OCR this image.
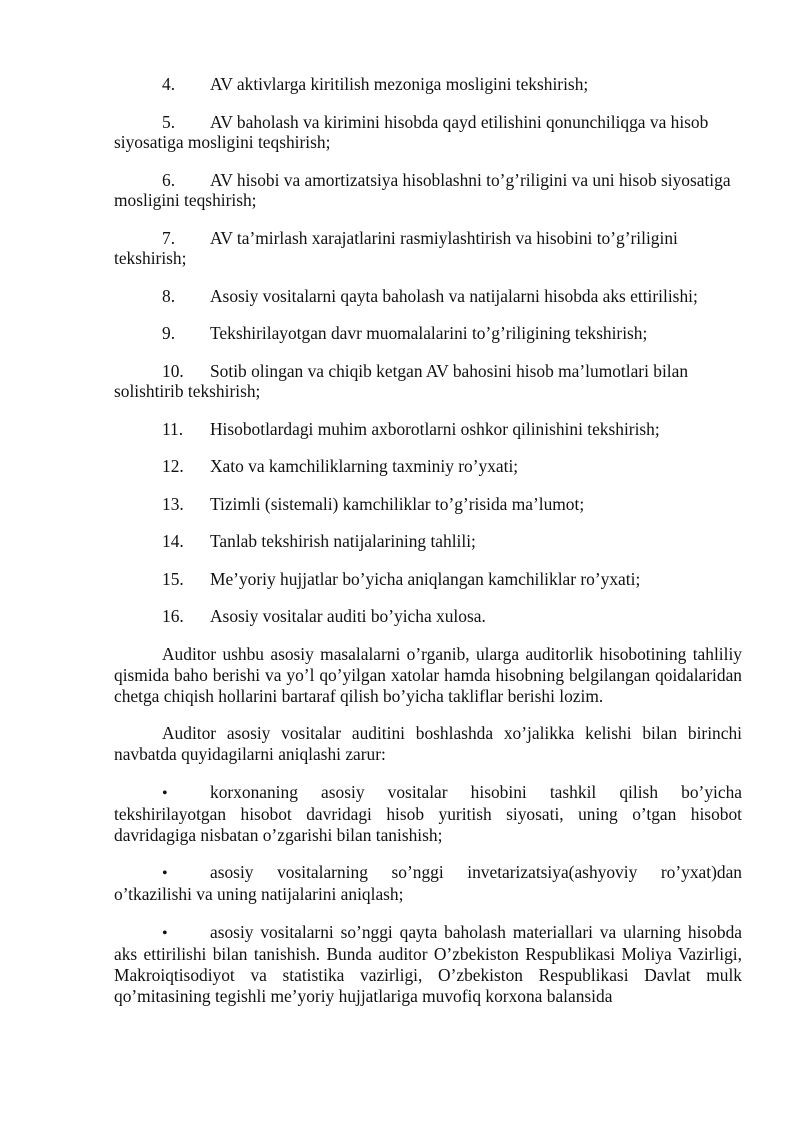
4. AV aktivlarga kiritilish mezoniga mosligini tekshirish;
5. AV baholash va kirimini hisobda qayd etilishini qonunchiliqga va hisob siyosatiga mosligini teqshirish;
6. AV hisobi va amortizatsiya hisoblashni to’g’riligini va uni hisob siyosatiga mosligini teqshirish;
7. AV ta’mirlash xarajatlarini rasmiylashtirish va hisobini to’g’riligini tekshirish;
8. Asosiy vositalarni qayta baholash va natijalarni hisobda aks ettirilishi;
9. Tekshirilayotgan davr muomalalarini to’g’riligining tekshirish;
10. Sotib olingan va chiqib ketgan AV bahosini hisob ma’lumotlari bilan solishtirib tekshirish;
11. Hisobotlardagi muhim axborotlarni oshkor qilinishini tekshirish;
12. Xato va kamchiliklarning taxminiy ro’yxati;
13. Tizimli (sistemali) kamchiliklar to’g’risida ma’lumot;
14. Tanlab tekshirish natijalarining tahlili;
15. Me’yoriy hujjatlar bo’yicha aniqlangan kamchiliklar ro’yxati;
16. Asosiy vositalar auditi bo’yicha xulosa.

Auditor ushbu asosiy masalalarni o’rganib, ularga auditorlik hisobotining tahliliy qismida baho berishi va yo’l qo’yilgan xatolar hamda hisobning belgilangan qoidalaridan chetga chiqish hollarini bartaraf qilish bo’yicha takliflar berishi lozim.

Auditor asosiy vositalar auditini boshlashda xo’jalikka kelishi bilan birinchi navbatda quyidagilarni aniqlashi zarur:

• korxonaning asosiy vositalar hisobini tashkil qilish bo’yicha tekshirilayotgan hisobot davridagi hisob yuritish siyosati, uning o’tgan hisobot davridagiga nisbatan o’zgarishi bilan tanishish;

• asosiy vositalarning so’nggi invetarizatsiya(ashyoviy ro’yxat)dan o’tkazilishi va uning natijalarini aniqlash;

• asosiy vositalarni so’nggi qayta baholash materiallari va ularning hisobda aks ettirilishi bilan tanishish. Bunda auditor O’zbekiston Respublikasi Moliya Vazirligi, Makroiqtisodiyot va statistika vazirligi, O’zbekiston Respublikasi Davlat mulk qo’mitasining tegishli me’yoriy hujjatlariga muvofiq korxona balansida
